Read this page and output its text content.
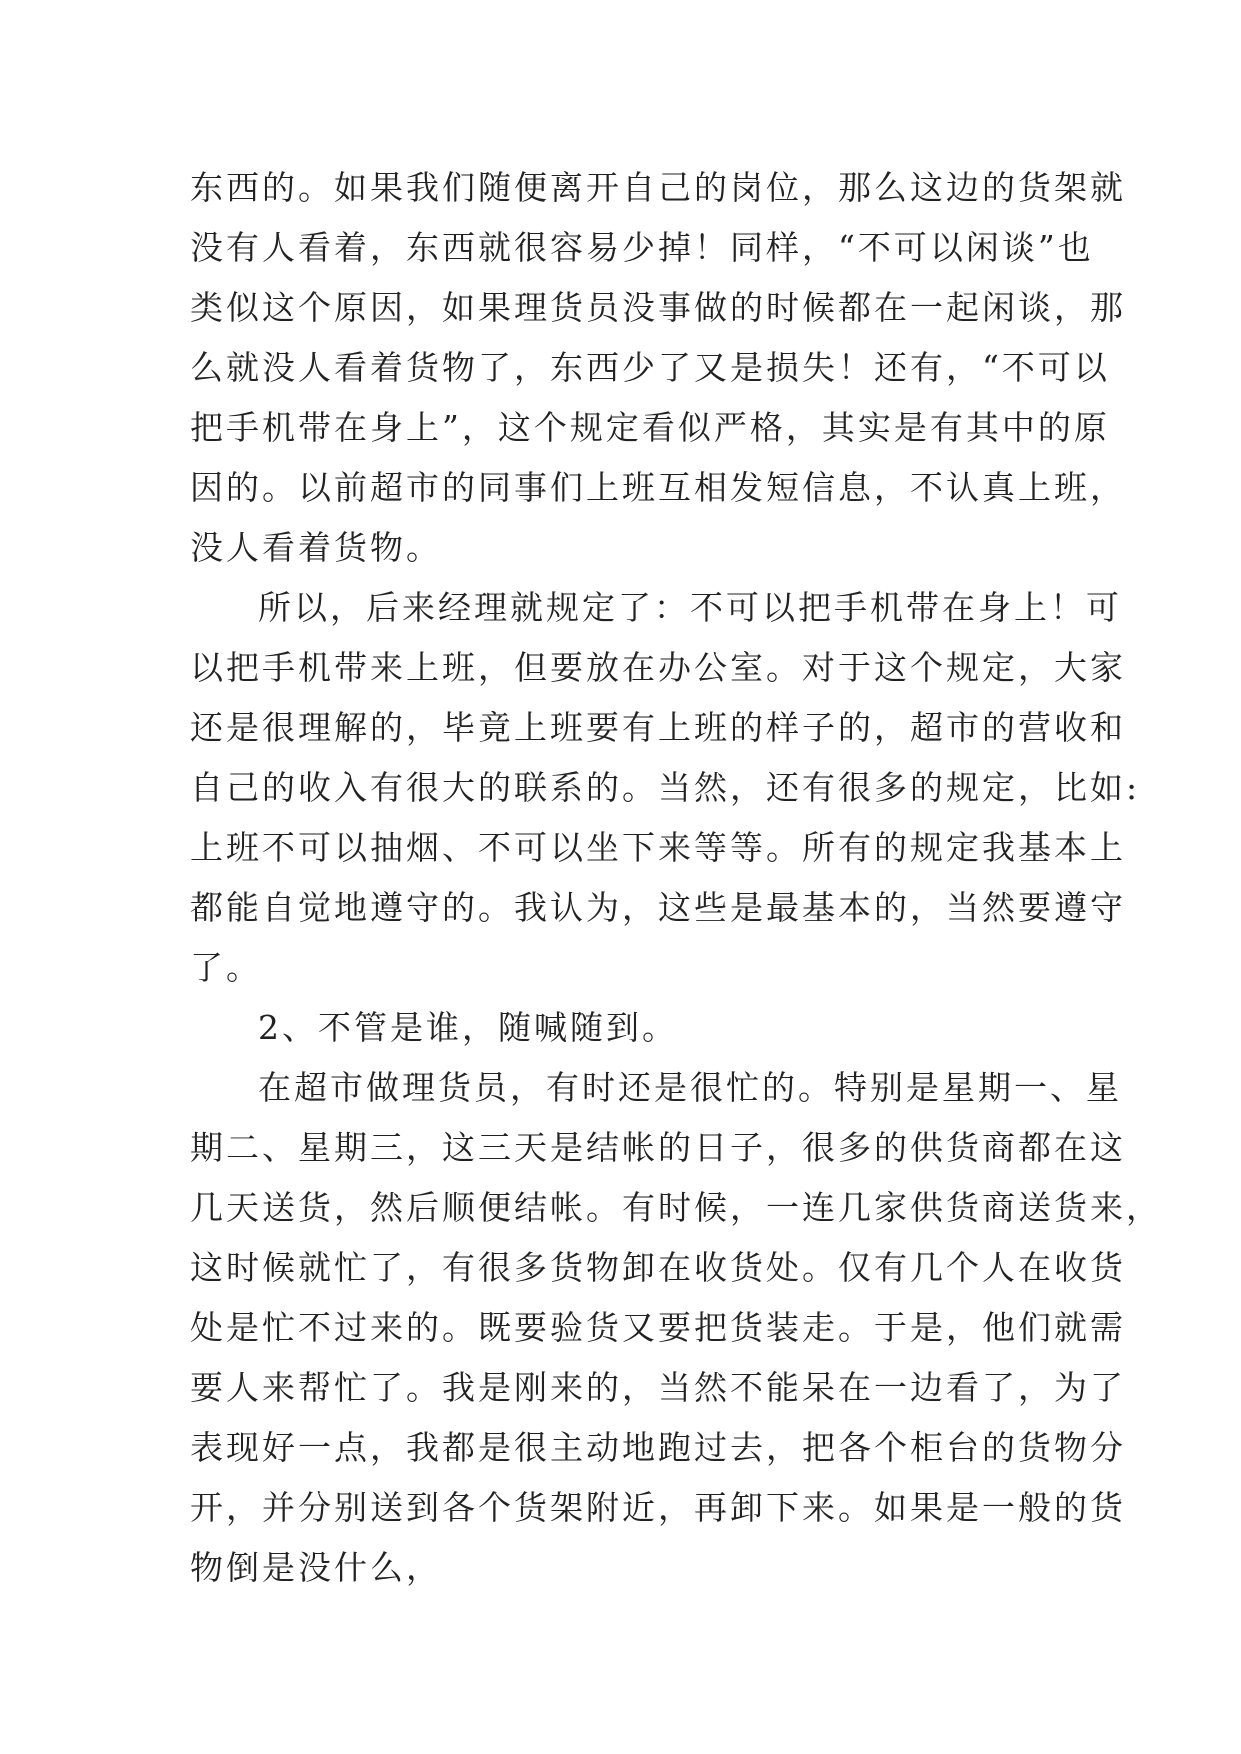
东西的。如果我们随便离开自己的岗位，那么这边的货架就
没有人看着，东西就很容易少掉！同样，“不可以闲谈”也
类似这个原因，如果理货员没事做的时候都在一起闲谈，那
么就没人看着货物了，东西少了又是损失！还有，“不可以
把手机带在身上”，这个规定看似严格，其实是有其中的原
因的。以前超市的同事们上班互相发短信息，不认真上班，
没人看着货物。
所以，后来经理就规定了：不可以把手机带在身上！可
以把手机带来上班，但要放在办公室。对于这个规定，大家
还是很理解的，毕竟上班要有上班的样子的，超市的营收和
自己的收入有很大的联系的。当然，还有很多的规定，比如:
上班不可以抽烟、不可以坐下来等等。所有的规定我基本上
都能自觉地遵守的。我认为，这些是最基本的，当然要遵守
了。
2、不管是谁，随喊随到。
在超市做理货员，有时还是很忙的。特别是星期一、星
期二、星期三，这三天是结帐的日子，很多的供货商都在这
几天送货，然后顺便结帐。有时候，一连几家供货商送货来，
这时候就忙了，有很多货物卸在收货处。仅有几个人在收货
处是忙不过来的。既要验货又要把货装走。于是，他们就需
要人来帮忙了。我是刚来的，当然不能呆在一边看了，为了
表现好一点，我都是很主动地跑过去，把各个柜台的货物分
开，并分别送到各个货架附近，再卸下来。如果是一般的货
物倒是没什么，
